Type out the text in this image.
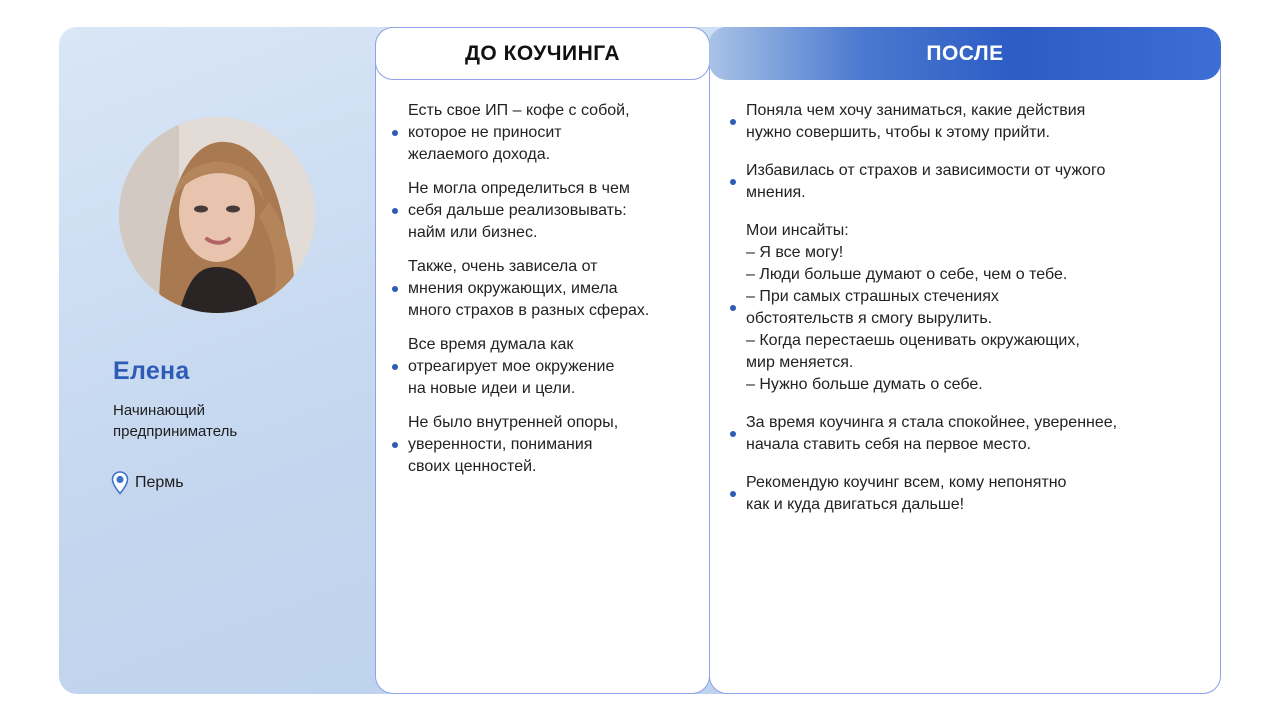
Елена
Начинающий предприниматель
Пермь
ДО КОУЧИНГА
Есть свое ИП – кофе с собой,
которое не приносит
желаемого дохода.
Не могла определиться в чем
себя дальше реализовывать:
найм или бизнес.
Также, очень зависела от
мнения окружающих, имела
много страхов в разных сферах.
Все время думала как
отреагирует мое окружение
на новые идеи и цели.
Не было внутренней опоры,
уверенности, понимания
своих ценностей.
ПОСЛЕ
Поняла чем хочу заниматься, какие действия
нужно совершить, чтобы к этому прийти.
Избавилась от страхов и зависимости от чужого
мнения.
Мои инсайты:
– Я все могу!
– Люди больше думают о себе, чем о тебе.
– При самых страшных стечениях
обстоятельств я смогу вырулить.
– Когда перестаешь оценивать окружающих,
мир меняется.
– Нужно больше думать о себе.
За время коучинга я стала спокойнее, увереннее,
начала ставить себя на первое место.
Рекомендую коучинг всем, кому непонятно
как и куда двигаться дальше!
